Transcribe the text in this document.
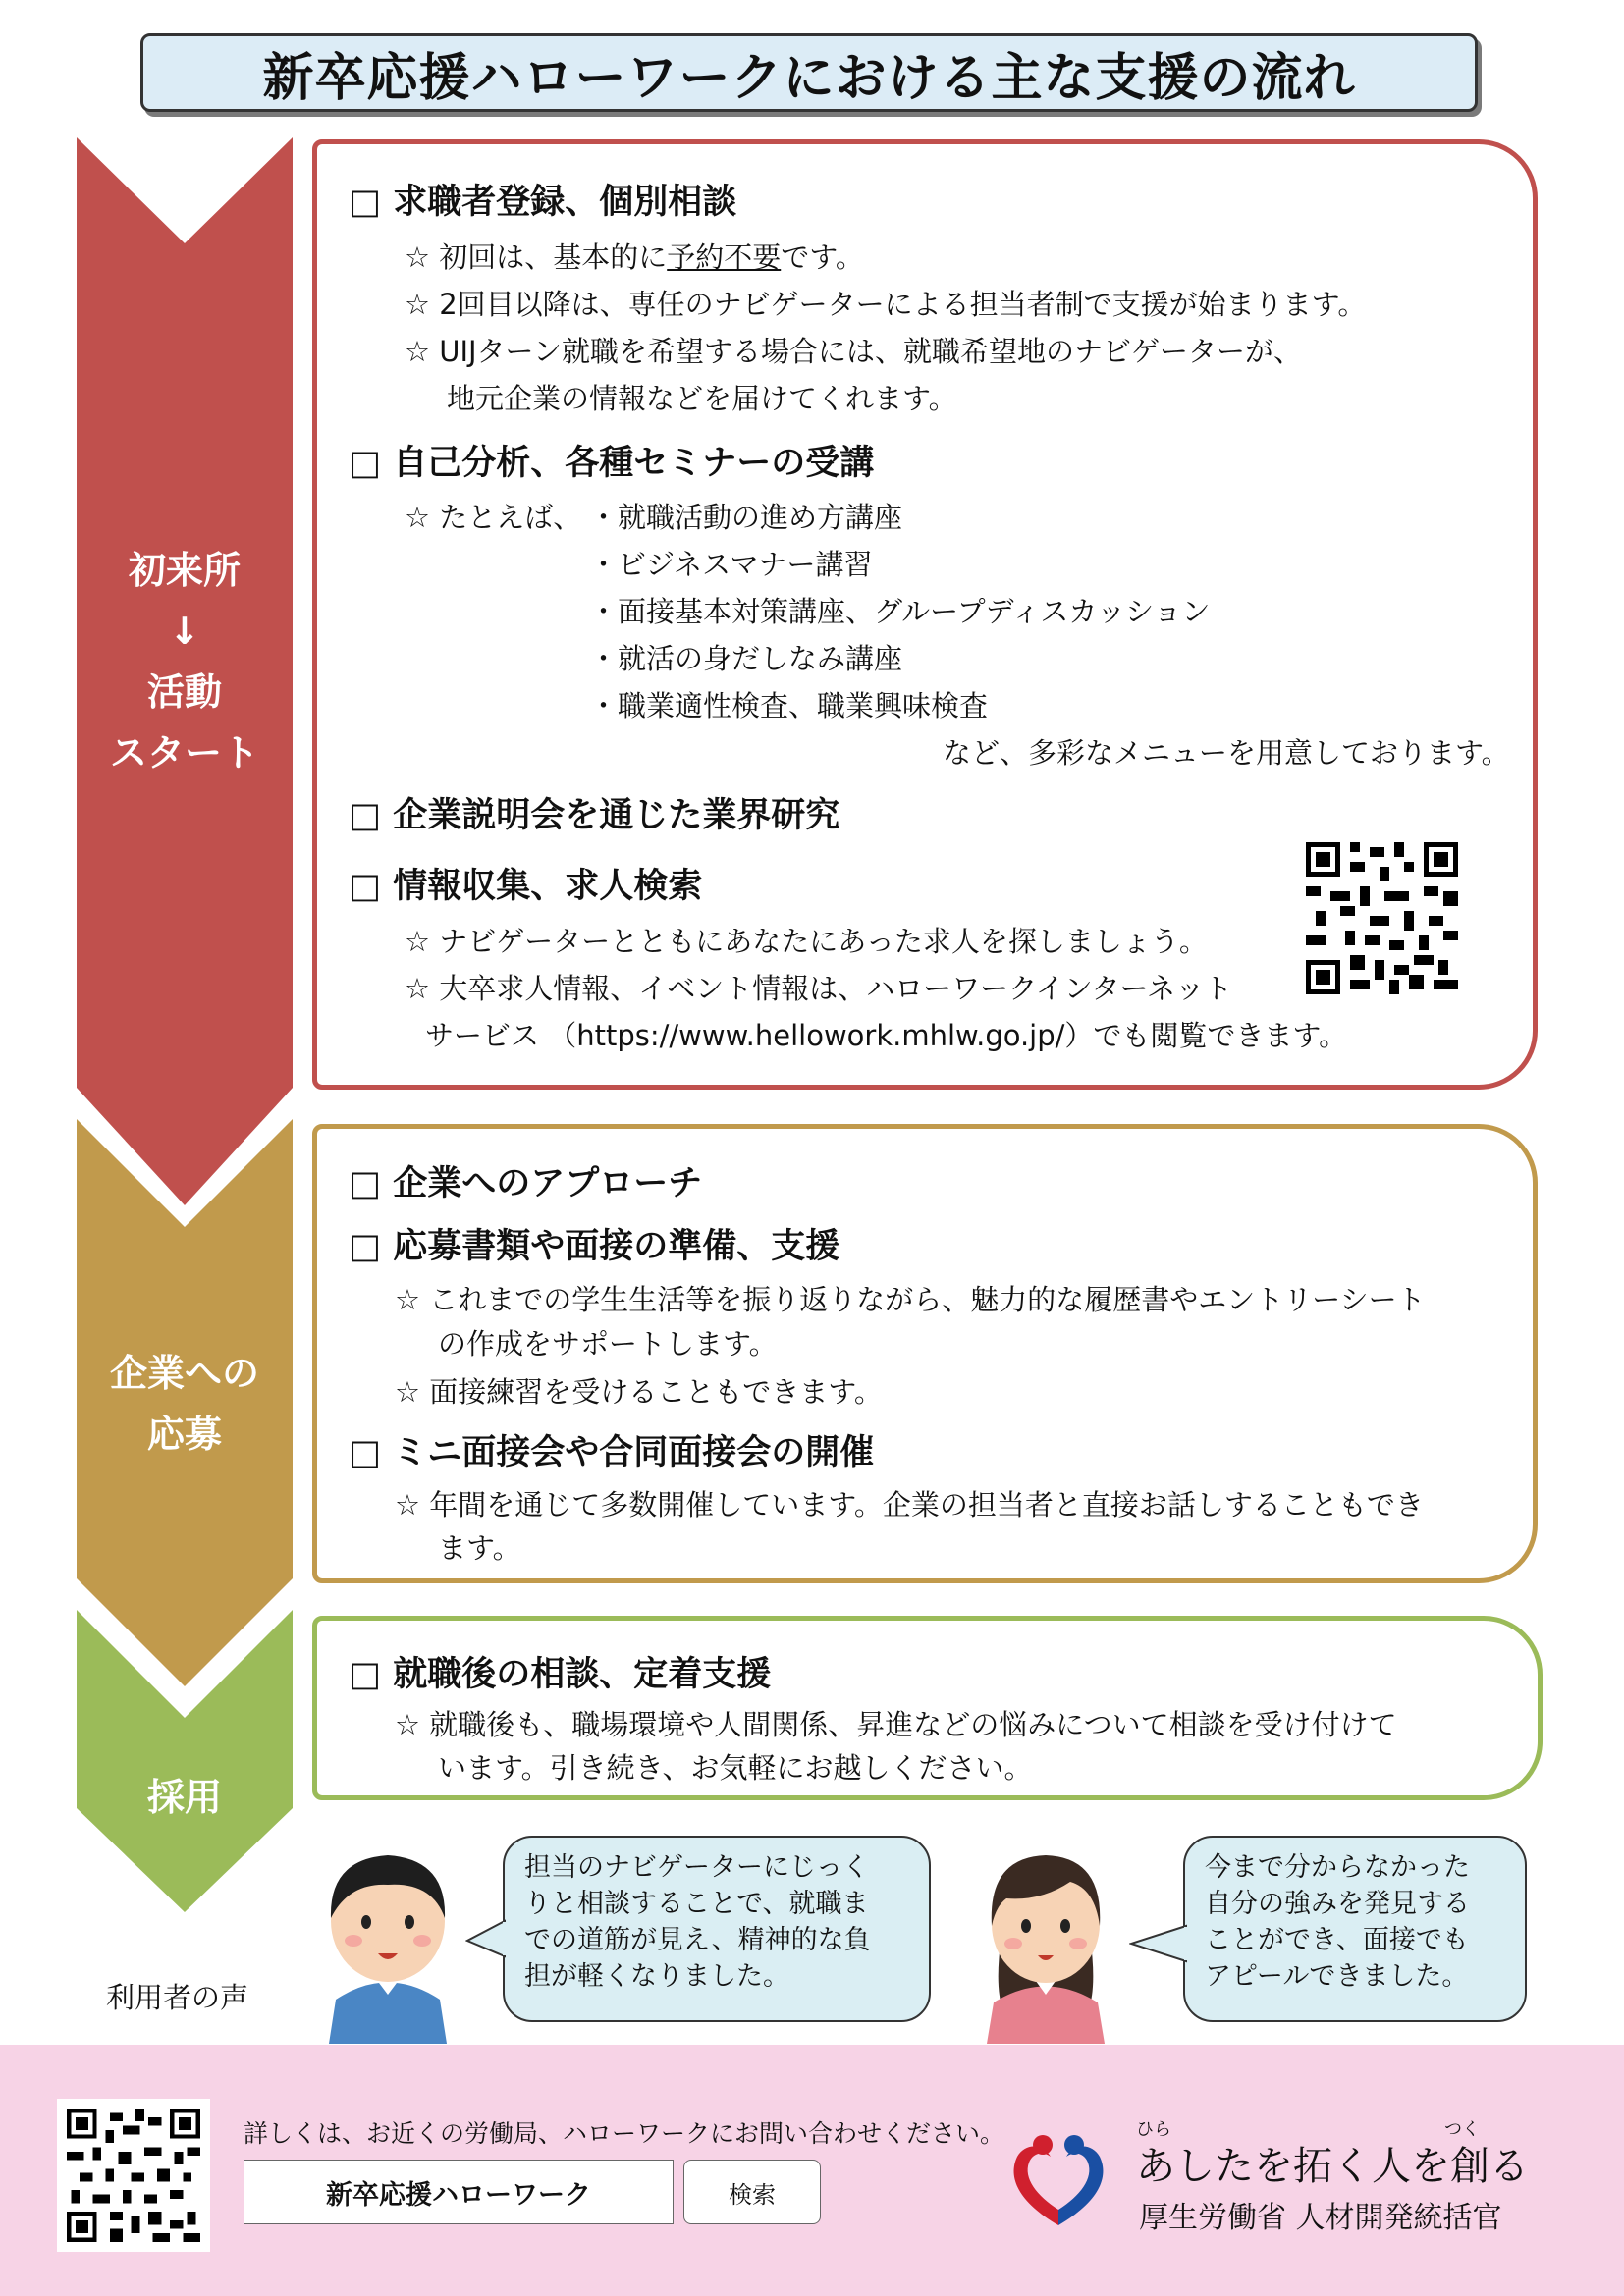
新卒応援ハローワークにおける主な支援の流れ
初来所
↓
活動
スタート
企業への
応募
採用
□ 求職者登録、個別相談
☆ 初回は、基本的に予約不要です。
☆ 2回目以降は、専任のナビゲーターによる担当者制で支援が始まります。
☆ UIJターン就職を希望する場合には、就職希望地のナビゲーターが、
地元企業の情報などを届けてくれます。
□ 自己分析、各種セミナーの受講
☆ たとえば、 ・就職活動の進め方講座
・ビジネスマナー講習
・面接基本対策講座、グループディスカッション
・就活の身だしなみ講座
・職業適性検査、職業興味検査
など、多彩なメニューを用意しております。
□ 企業説明会を通じた業界研究
□ 情報収集、求人検索
☆ ナビゲーターとともにあなたにあった求人を探しましょう。
☆ 大卒求人情報、イベント情報は、ハローワークインターネット
サービス （https://www.hellowork.mhlw.go.jp/）でも閲覧できます。
□ 企業へのアプローチ
□ 応募書類や面接の準備、支援
☆ これまでの学生生活等を振り返りながら、魅力的な履歴書やエントリーシート
の作成をサポートします。
☆ 面接練習を受けることもできます。
□ ミニ面接会や合同面接会の開催
☆ 年間を通じて多数開催しています。企業の担当者と直接お話しすることもでき
ます。
□ 就職後の相談、定着支援
☆ 就職後も、職場環境や人間関係、昇進などの悩みについて相談を受け付けて
います。引き続き、お気軽にお越しください。
利用者の声
担当のナビゲーターにじっく
りと相談することで、就職ま
での道筋が見え、精神的な負
担が軽くなりました。
今まで分からなかった
自分の強みを発見する
ことができ、面接でも
アピールできました。
詳しくは、お近くの労働局、ハローワークにお問い合わせください。
新卒応援ハローワーク	検索
ひら	つく
あしたを拓く人を創る
厚生労働省 人材開発統括官
